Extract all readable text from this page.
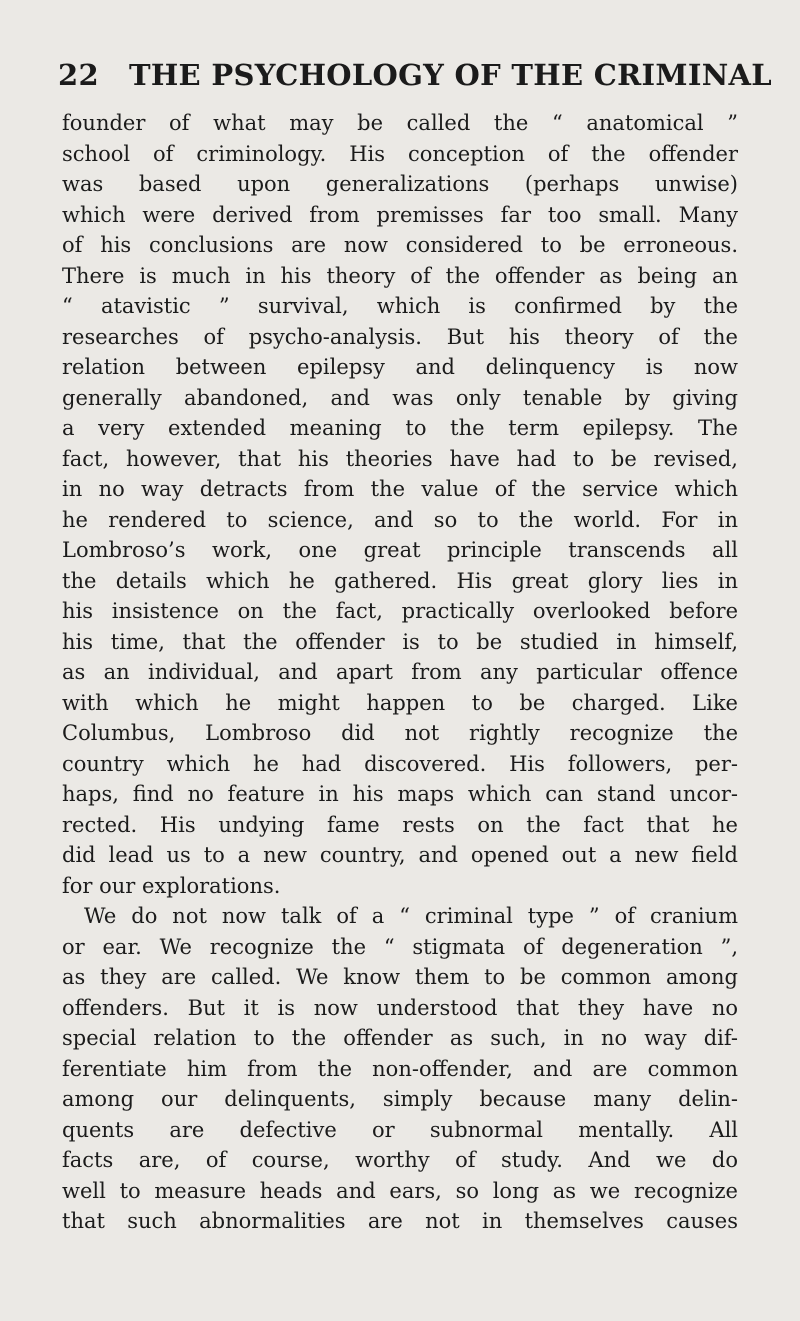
22 THE PSYCHOLOGY OF THE CRIMINAL
founder of what may be called the “ anatomical ”
school of criminology. His conception of the offender
was based upon generalizations (perhaps unwise)
which were derived from premisses far too small. Many
of his conclusions are now considered to be erroneous.
There is much in his theory of the offender as being an
“ atavistic ” survival, which is confirmed by the
researches of psycho-analysis. But his theory of the
relation between epilepsy and delinquency is now
generally abandoned, and was only tenable by giving
a very extended meaning to the term epilepsy. The
fact, however, that his theories have had to be revised,
in no way detracts from the value of the service which
he rendered to science, and so to the world. For in
Lombroso’s work, one great principle transcends all
the details which he gathered. His great glory lies in
his insistence on the fact, practically overlooked before
his time, that the offender is to be studied in himself,
as an individual, and apart from any particular offence
with which he might happen to be charged. Like
Columbus, Lombroso did not rightly recognize the
country which he had discovered. His followers, per-
haps, find no feature in his maps which can stand uncor-
rected. His undying fame rests on the fact that he
did lead us to a new country, and opened out a new field
for our explorations.
We do not now talk of a “ criminal type ” of cranium
or ear. We recognize the “ stigmata of degeneration ”,
as they are called. We know them to be common among
offenders. But it is now understood that they have no
special relation to the offender as such, in no way dif-
ferentiate him from the non-offender, and are common
among our delinquents, simply because many delin-
quents are defective or subnormal mentally. All
facts are, of course, worthy of study. And we do
well to measure heads and ears, so long as we recognize
that such abnormalities are not in themselves causes
